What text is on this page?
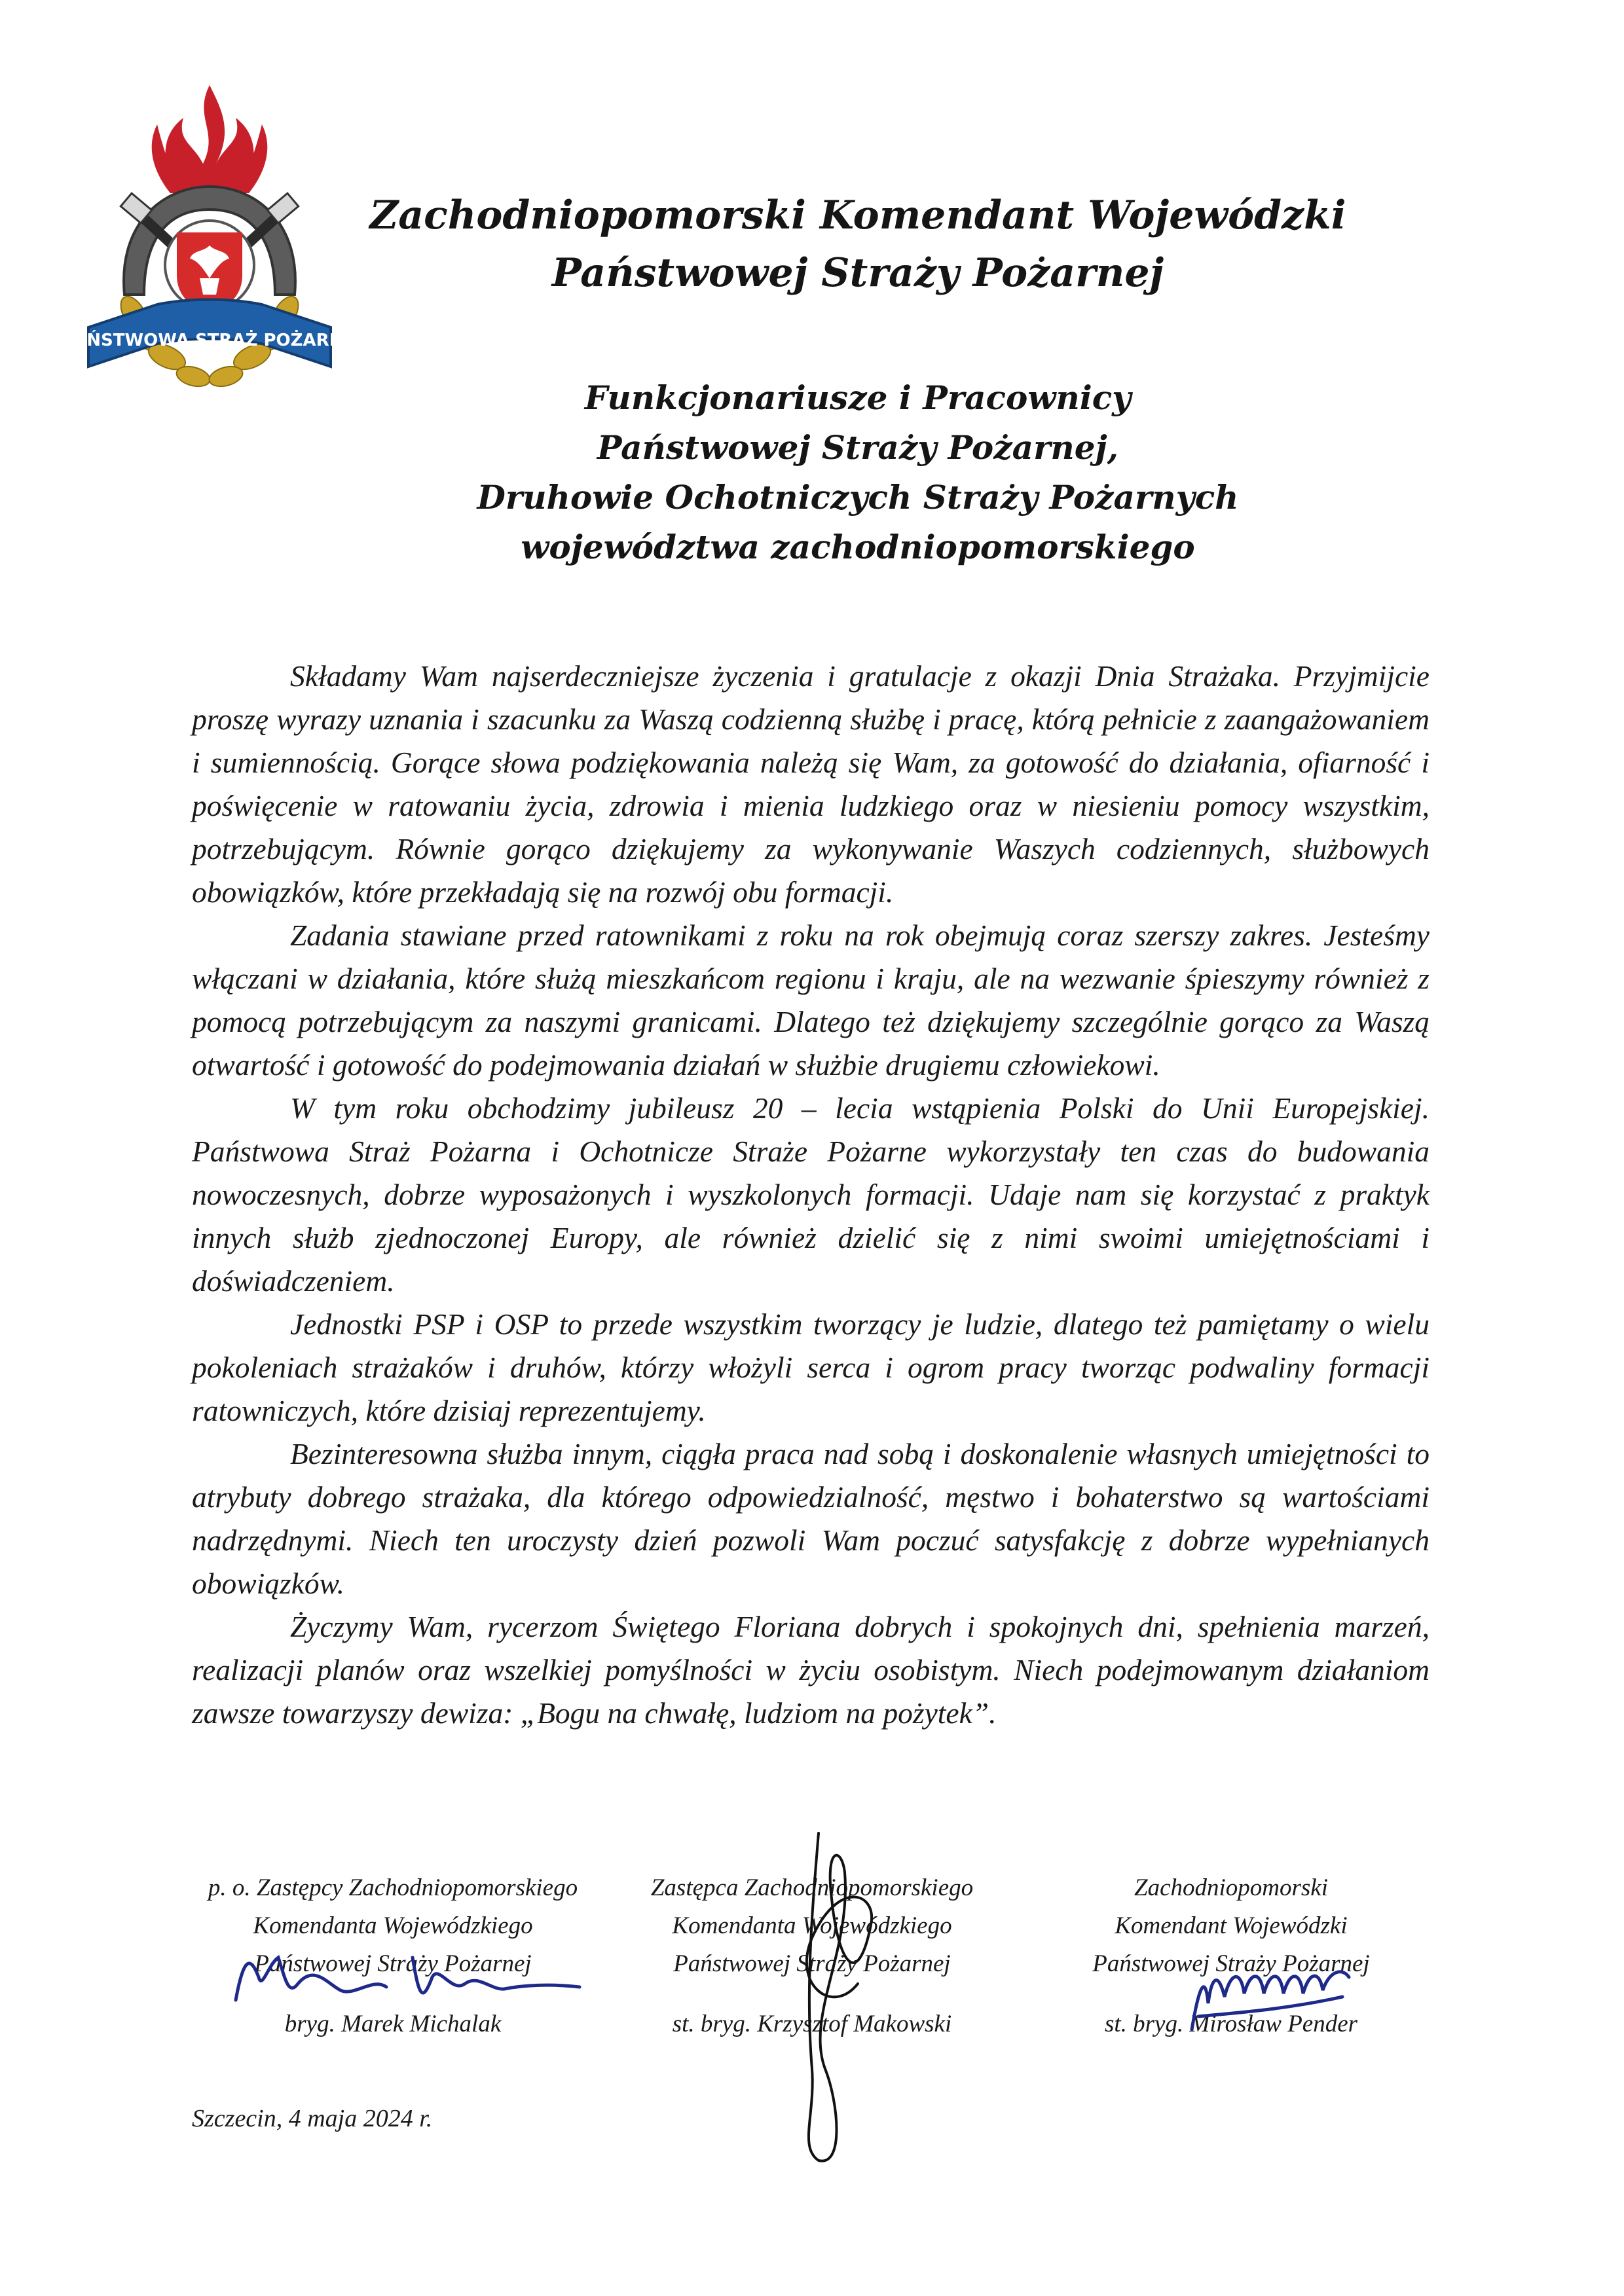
PAŃSTWOWA STRAŻ POŻARNA
Zachodniopomorski Komendant Wojewódzki
Państwowej Straży Pożarnej
Funkcjonariusze i Pracownicy
Państwowej Straży Pożarnej,
Druhowie Ochotniczych Straży Pożarnych
województwa zachodniopomorskiego

Składamy Wam najserdeczniejsze życzenia i gratulacje z okazji Dnia Strażaka. Przyjmijcie proszę wyrazy uznania i szacunku za Waszą codzienną służbę i pracę, którą pełnicie z zaangażowaniem i sumiennością. Gorące słowa podziękowania należą się Wam, za gotowość do działania, ofiarność i poświęcenie w ratowaniu życia, zdrowia i mienia ludzkiego oraz w niesieniu pomocy wszystkim, potrzebującym. Równie gorąco dziękujemy za wykonywanie Waszych codziennych, służbowych obowiązków, które przekładają się na rozwój obu formacji.

Zadania stawiane przed ratownikami z roku na rok obejmują coraz szerszy zakres. Jesteśmy włączani w działania, które służą mieszkańcom regionu i kraju, ale na wezwanie śpieszymy również z pomocą potrzebującym za naszymi granicami. Dlatego też dziękujemy szczególnie gorąco za Waszą otwartość i gotowość do podejmowania działań w służbie drugiemu człowiekowi.

W tym roku obchodzimy jubileusz 20 – lecia wstąpienia Polski do Unii Europejskiej. Państwowa Straż Pożarna i Ochotnicze Straże Pożarne wykorzystały ten czas do budowania nowoczesnych, dobrze wyposażonych i wyszkolonych formacji. Udaje nam się korzystać z praktyk innych służb zjednoczonej Europy, ale również dzielić się z nimi swoimi umiejętnościami i doświadczeniem.

Jednostki PSP i OSP to przede wszystkim tworzący je ludzie, dlatego też pamiętamy o wielu pokoleniach strażaków i druhów, którzy włożyli serca i ogrom pracy tworząc podwaliny formacji ratowniczych, które dzisiaj reprezentujemy.

Bezinteresowna służba innym, ciągła praca nad sobą i doskonalenie własnych umiejętności to atrybuty dobrego strażaka, dla którego odpowiedzialność, męstwo i bohaterstwo są wartościami nadrzędnymi. Niech ten uroczysty dzień pozwoli Wam poczuć satysfakcję z dobrze wypełnianych obowiązków.

Życzymy Wam, rycerzom Świętego Floriana dobrych i spokojnych dni, spełnienia marzeń, realizacji planów oraz wszelkiej pomyślności w życiu osobistym. Niech podejmowanym działaniom zawsze towarzyszy dewiza: „Bogu na chwałę, ludziom na pożytek”.

p. o. Zastępcy Zachodniopomorskiego
Komendanta Wojewódzkiego
Państwowej Straży Pożarnej
bryg. Marek Michalak
Zastępca Zachodniopomorskiego
Komendanta Wojewódzkiego
Państwowej Straży Pożarnej
st. bryg. Krzysztof Makowski
Zachodniopomorski
Komendant Wojewódzki
Państwowej Straży Pożarnej
st. bryg. Mirosław Pender
Szczecin, 4 maja 2024 r.
